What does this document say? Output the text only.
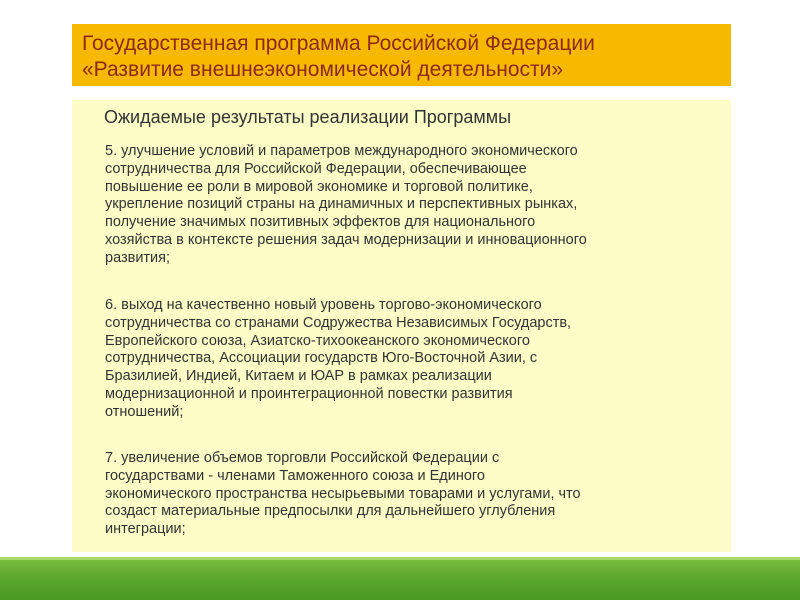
Государственная программа Российской Федерации
«Развитие внешнеэкономической деятельности»
Ожидаемые результаты реализации Программы
5. улучшение условий и параметров международного экономического
сотрудничества для Российской Федерации, обеспечивающее
повышение ее роли в мировой экономике и торговой политике,
укрепление позиций страны на динамичных и перспективных рынках,
получение значимых позитивных эффектов для национального
хозяйства в контексте решения задач модернизации и инновационного
развития;
6. выход на качественно новый уровень торгово-экономического
сотрудничества со странами Содружества Независимых Государств,
Европейского союза, Азиатско-тихоокеанского экономического
сотрудничества, Ассоциации государств Юго-Восточной Азии, с
Бразилией, Индией, Китаем и ЮАР в рамках реализации
модернизационной и проинтеграционной повестки развития
отношений;
7. увеличение объемов торговли Российской Федерации с
государствами - членами Таможенного союза и Единого
экономического пространства несырьевыми товарами и услугами, что
создаст материальные предпосылки для дальнейшего углубления
интеграции;
